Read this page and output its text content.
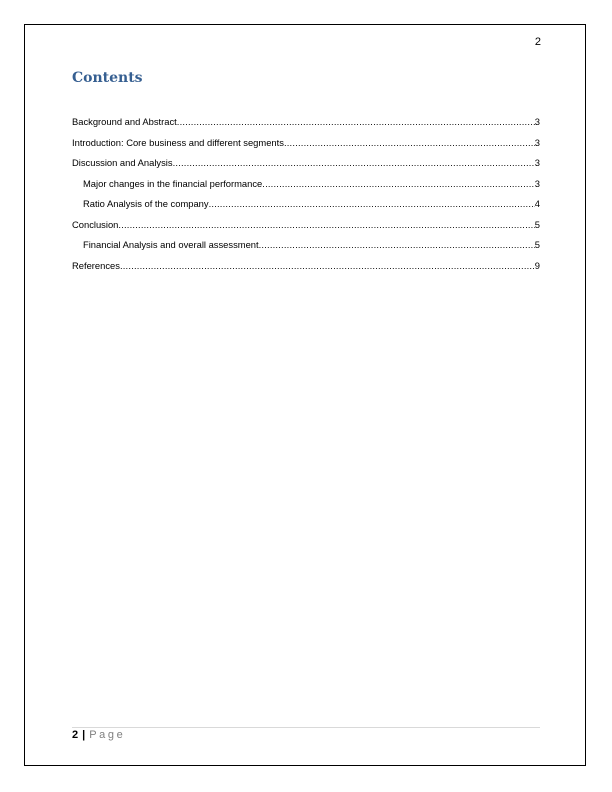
2
Contents
Background and Abstract .....	3
Introduction: Core business and different segments .....	3
Discussion and Analysis .....	3
Major changes in the financial performance .....	3
Ratio Analysis of the company .....	4
Conclusion .....	5
Financial Analysis and overall assessment .....	5
References .....	9
2 | Page
